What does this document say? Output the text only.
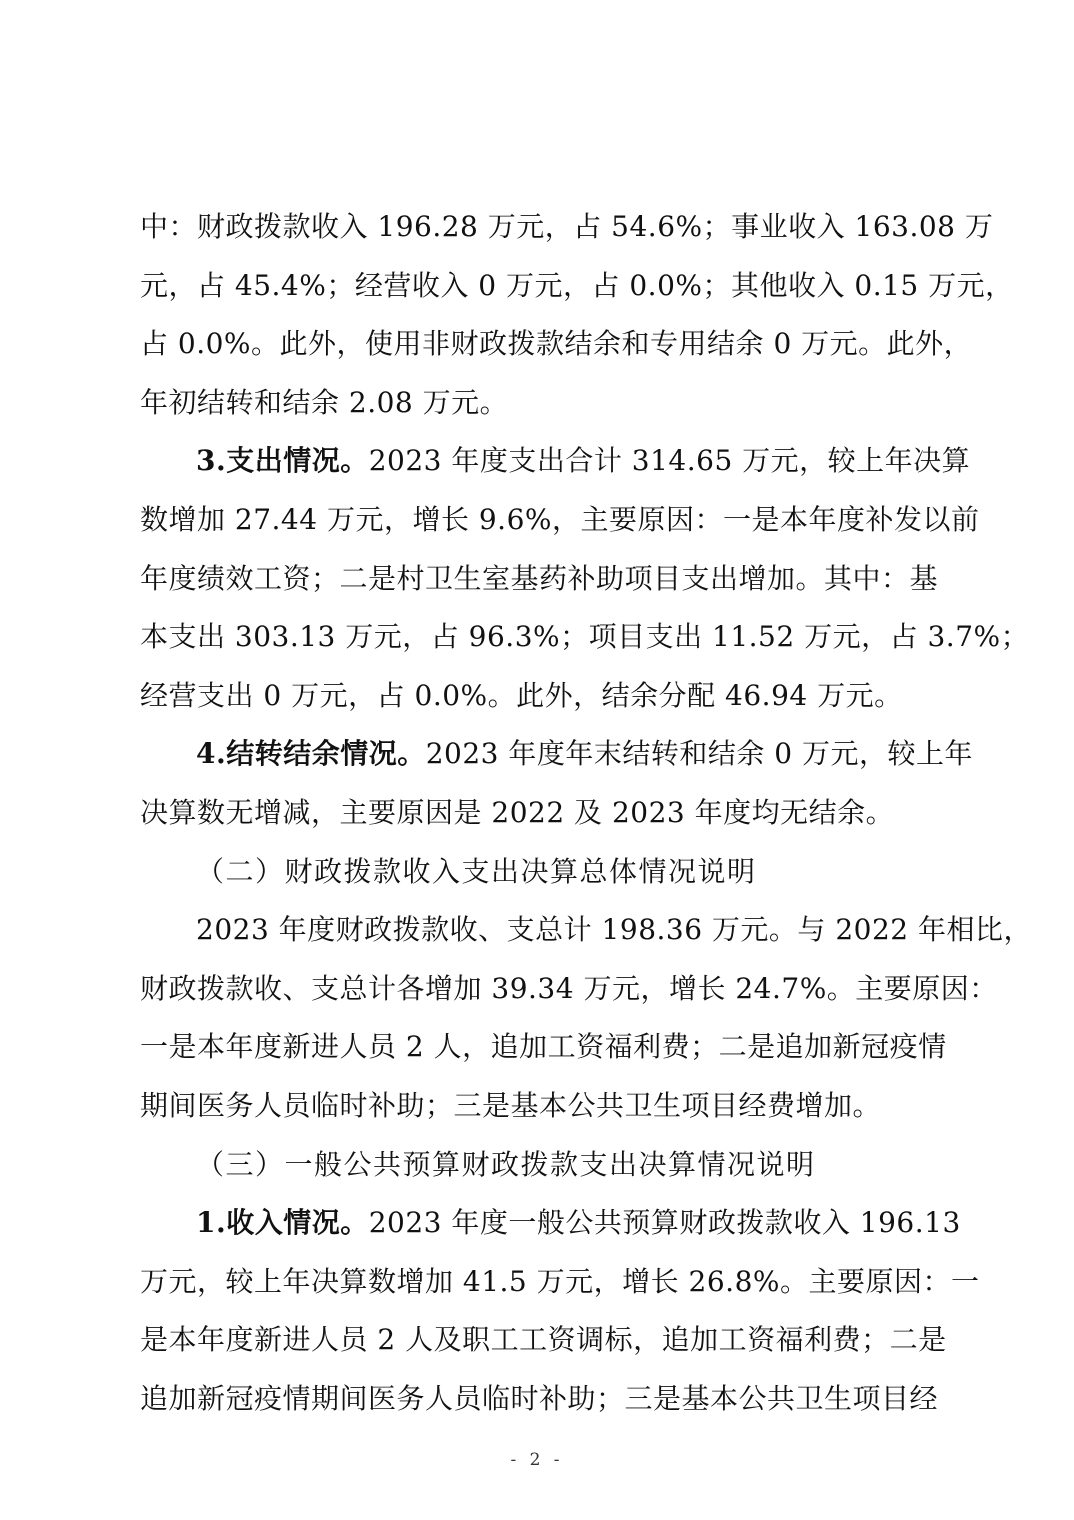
中：财政拨款收入 196.28 万元，占 54.6%；事业收入 163.08 万
元，占 45.4%；经营收入 0 万元，占 0.0%；其他收入 0.15 万元，
占 0.0%。此外，使用非财政拨款结余和专用结余 0 万元。此外，
年初结转和结余 2.08 万元。
3.支出情况。2023 年度支出合计 314.65 万元，较上年决算
数增加 27.44 万元，增长 9.6%，主要原因：一是本年度补发以前
年度绩效工资；二是村卫生室基药补助项目支出增加。其中：基
本支出 303.13 万元，占 96.3%；项目支出 11.52 万元，占 3.7%；
经营支出 0 万元，占 0.0%。此外，结余分配 46.94 万元。
4.结转结余情况。2023 年度年末结转和结余 0 万元，较上年
决算数无增减，主要原因是 2022 及 2023 年度均无结余。
（二）财政拨款收入支出决算总体情况说明
2023 年度财政拨款收、支总计 198.36 万元。与 2022 年相比，
财政拨款收、支总计各增加 39.34 万元，增长 24.7%。主要原因：
一是本年度新进人员 2 人，追加工资福利费；二是追加新冠疫情
期间医务人员临时补助；三是基本公共卫生项目经费增加。
（三）一般公共预算财政拨款支出决算情况说明
1.收入情况。2023 年度一般公共预算财政拨款收入 196.13
万元，较上年决算数增加 41.5 万元，增长 26.8%。主要原因：一
是本年度新进人员 2 人及职工工资调标，追加工资福利费；二是
追加新冠疫情期间医务人员临时补助；三是基本公共卫生项目经
- 2 -
